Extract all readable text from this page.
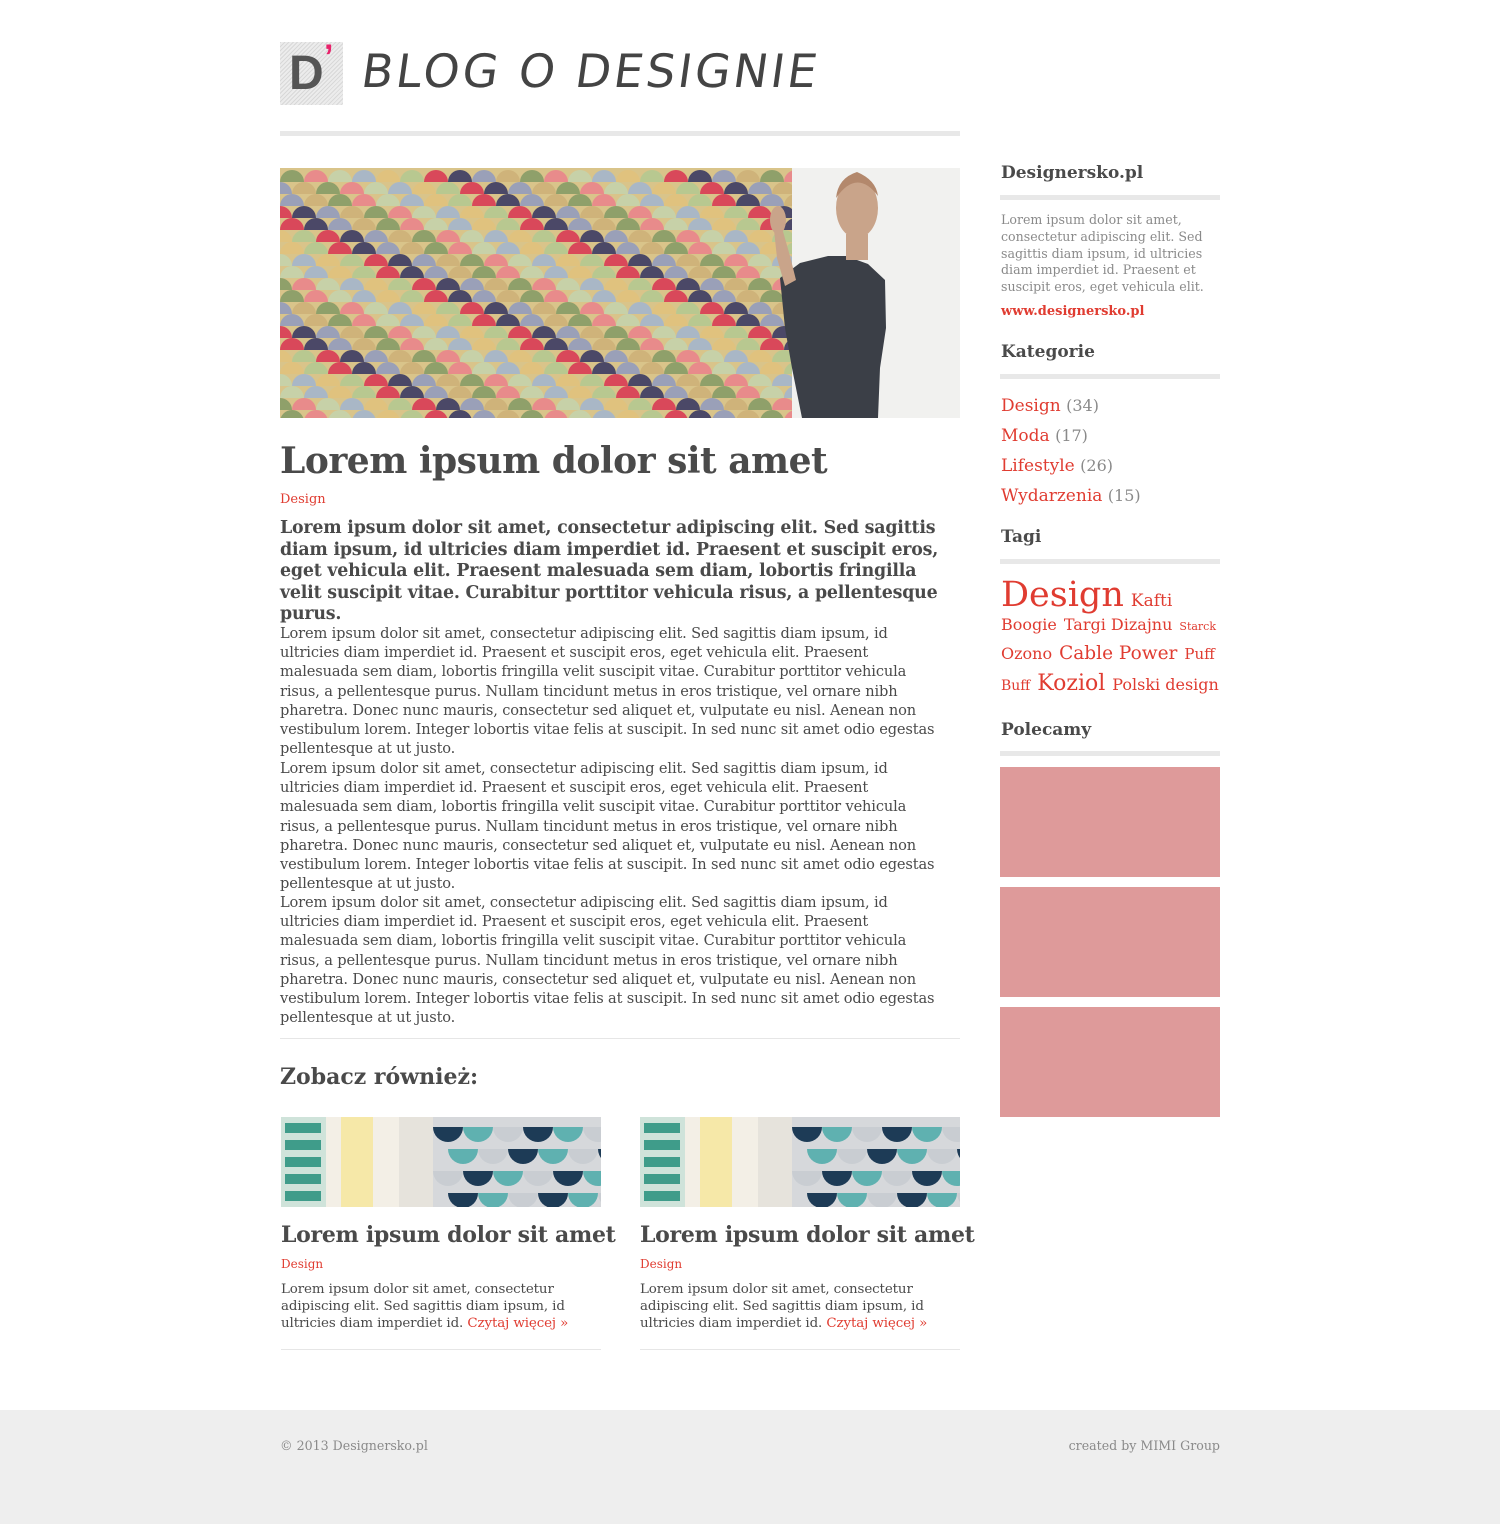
D ’ BLOG O DESIGNIE
Lorem ipsum dolor sit amet
Design

Lorem ipsum dolor sit amet, consectetur adipiscing elit. Sed sagittis diam ipsum, id ultricies diam imperdiet id. Praesent et suscipit eros, eget vehicula elit. Praesent malesuada sem diam, lobortis fringilla velit suscipit vitae. Curabitur porttitor vehicula risus, a pellentesque purus.

Lorem ipsum dolor sit amet, consectetur adipiscing elit. Sed sagittis diam ipsum, id ultricies diam imperdiet id. Praesent et suscipit eros, eget vehicula elit. Praesent malesuada sem diam, lobortis fringilla velit suscipit vitae. Curabitur porttitor vehicula risus, a pellentesque purus. Nullam tincidunt metus in eros tristique, vel ornare nibh pharetra. Donec nunc mauris, consectetur sed aliquet et, vulputate eu nisl. Aenean non vestibulum lorem. Integer lobortis vitae felis at suscipit. In sed nunc sit amet odio egestas pellentesque at ut justo.

Lorem ipsum dolor sit amet, consectetur adipiscing elit. Sed sagittis diam ipsum, id ultricies diam imperdiet id. Praesent et suscipit eros, eget vehicula elit. Praesent malesuada sem diam, lobortis fringilla velit suscipit vitae. Curabitur porttitor vehicula risus, a pellentesque purus. Nullam tincidunt metus in eros tristique, vel ornare nibh pharetra. Donec nunc mauris, consectetur sed aliquet et, vulputate eu nisl. Aenean non vestibulum lorem. Integer lobortis vitae felis at suscipit. In sed nunc sit amet odio egestas pellentesque at ut justo.

Lorem ipsum dolor sit amet, consectetur adipiscing elit. Sed sagittis diam ipsum, id ultricies diam imperdiet id. Praesent et suscipit eros, eget vehicula elit. Praesent malesuada sem diam, lobortis fringilla velit suscipit vitae. Curabitur porttitor vehicula risus, a pellentesque purus. Nullam tincidunt metus in eros tristique, vel ornare nibh pharetra. Donec nunc mauris, consectetur sed aliquet et, vulputate eu nisl. Aenean non vestibulum lorem. Integer lobortis vitae felis at suscipit. In sed nunc sit amet odio egestas pellentesque at ut justo.

Zobacz również:
Lorem ipsum dolor sit amet
Design

Lorem ipsum dolor sit amet, consectetur adipiscing elit. Sed sagittis diam ipsum, id ultricies diam imperdiet id. Czytaj więcej »

Lorem ipsum dolor sit amet
Design

Lorem ipsum dolor sit amet, consectetur adipiscing elit. Sed sagittis diam ipsum, id ultricies diam imperdiet id. Czytaj więcej »

Designersko.pl

Lorem ipsum dolor sit amet, consectetur adipiscing elit. Sed sagittis diam ipsum, id ultricies diam imperdiet id. Praesent et suscipit eros, eget vehicula elit.

www.designersko.pl
Kategorie
Design (34)
Moda (17)
Lifestyle (26)
Wydarzenia (15)
Tagi
Design Kafti
Boogie Targi Dizajnu Starck
Ozono Cable Power Puff
Buff Koziol Polski design
Polecamy
© 2013 Designersko.pl	created by MIMI Group
